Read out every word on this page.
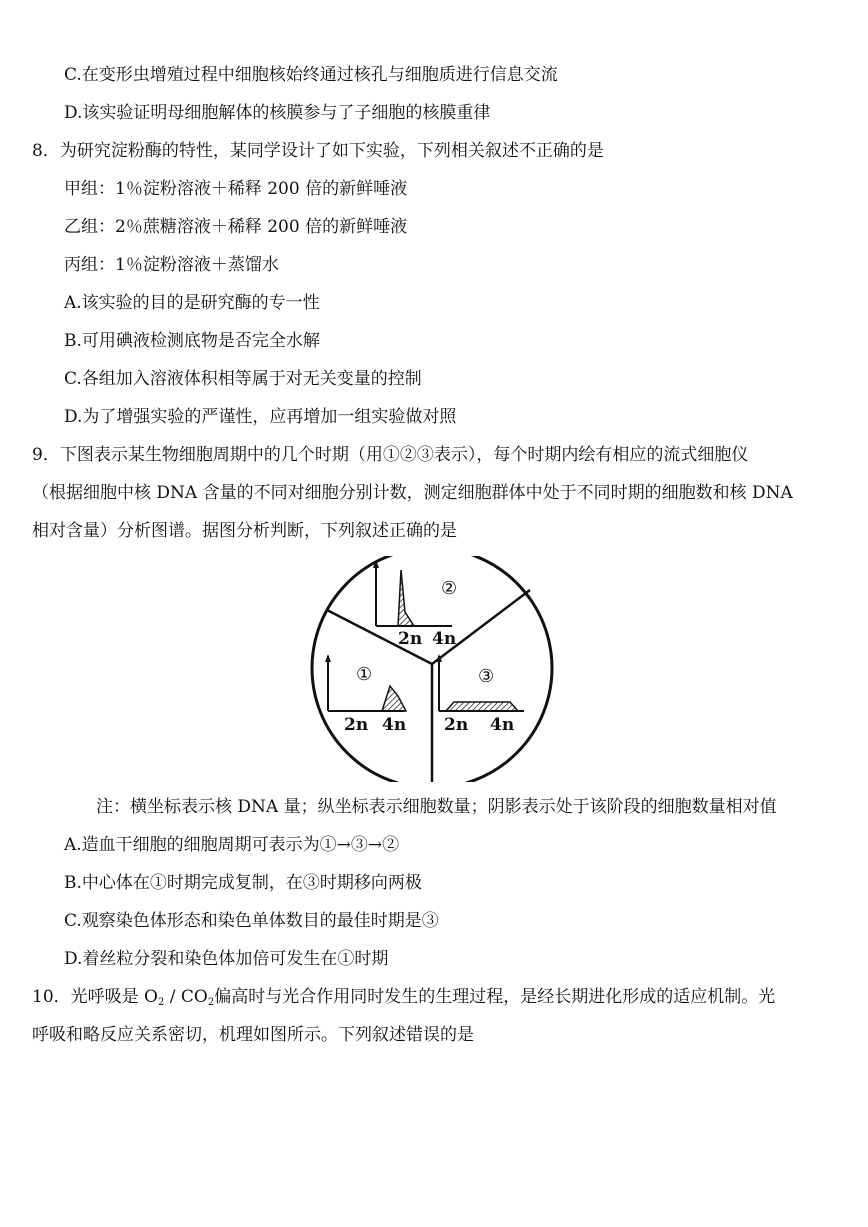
C.在变形虫增殖过程中细胞核始终通过核孔与细胞质进行信息交流
D.该实验证明母细胞解体的核膜参与了子细胞的核膜重律
8．为研究淀粉酶的特性，某同学设计了如下实验，下列相关叙述不正确的是
甲组：1％淀粉溶液＋稀释 200 倍的新鲜唾液
乙组：2％蔗糖溶液＋稀释 200 倍的新鲜唾液
丙组：1％淀粉溶液＋蒸馏水
A.该实验的目的是研究酶的专一性
B.可用碘液检测底物是否完全水解
C.各组加入溶液体积相等属于对无关变量的控制
D.为了增强实验的严谨性，应再增加一组实验做对照
9．下图表示某生物细胞周期中的几个时期（用①②③表示），每个时期内绘有相应的流式细胞仪
（根据细胞中核 DNA 含量的不同对细胞分别计数，测定细胞群体中处于不同时期的细胞数和核 DNA
相对含量）分析图谱。据图分析判断，下列叙述正确的是
2n 4n
②
2n 4n
①
2n 4n
③
注：横坐标表示核 DNA 量；纵坐标表示细胞数量；阴影表示处于该阶段的细胞数量相对值
A.造血干细胞的细胞周期可表示为①→③→②
B.中心体在①时期完成复制，在③时期移向两极
C.观察染色体形态和染色单体数目的最佳时期是③
D.着丝粒分裂和染色体加倍可发生在①时期
10．光呼吸是 $O_2 / CO_2$偏高时与光合作用同时发生的生理过程，是经长期进化形成的适应机制。光
呼吸和略反应关系密切，机理如图所示。下列叙述错误的是
